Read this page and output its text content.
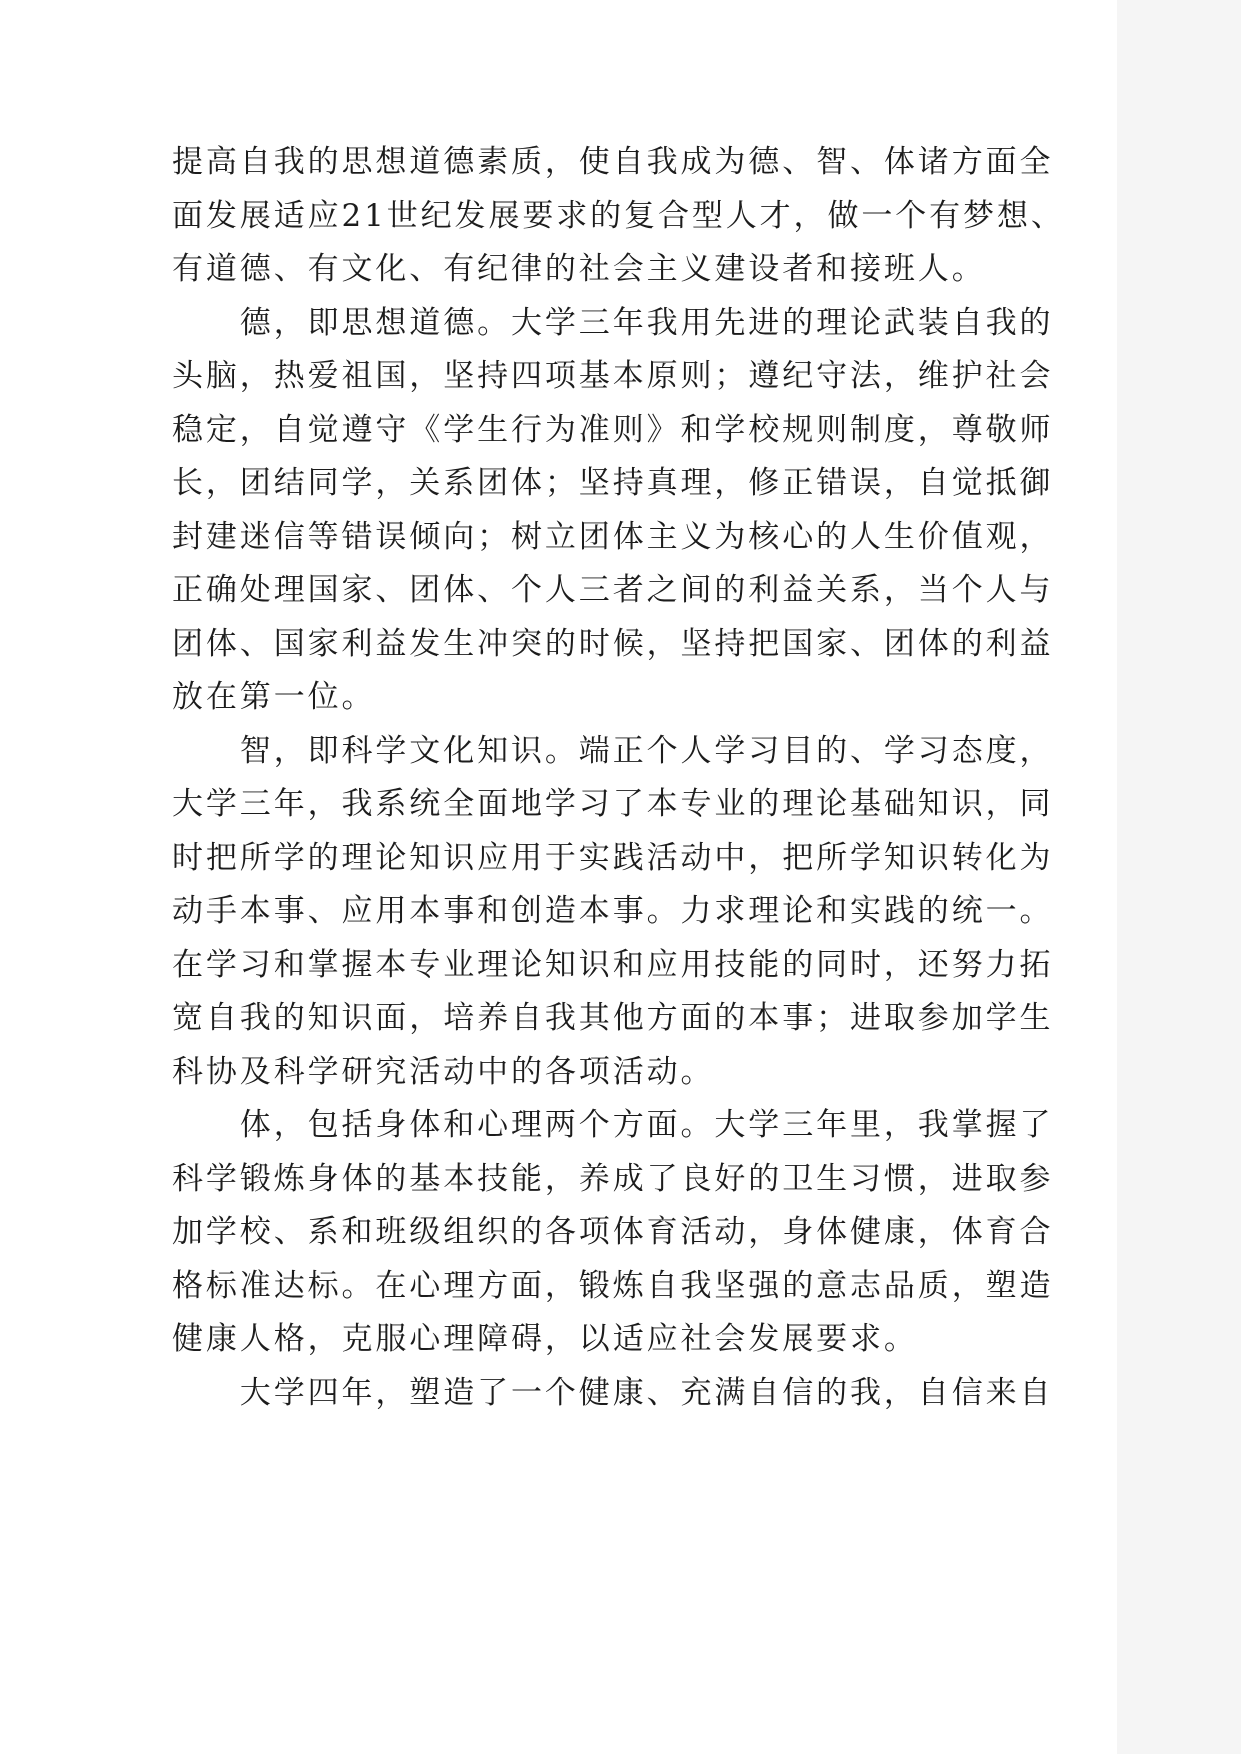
提高自我的思想道德素质，使自我成为德、智、体诸方面全
面发展适应21世纪发展要求的复合型人才，做一个有梦想、
有道德、有文化、有纪律的社会主义建设者和接班人。
　　德，即思想道德。大学三年我用先进的理论武装自我的
头脑，热爱祖国，坚持四项基本原则；遵纪守法，维护社会
稳定，自觉遵守《学生行为准则》和学校规则制度，尊敬师
长，团结同学，关系团体；坚持真理，修正错误，自觉抵御
封建迷信等错误倾向；树立团体主义为核心的人生价值观，
正确处理国家、团体、个人三者之间的利益关系，当个人与
团体、国家利益发生冲突的时候，坚持把国家、团体的利益
放在第一位。
　　智，即科学文化知识。端正个人学习目的、学习态度，
大学三年，我系统全面地学习了本专业的理论基础知识，同
时把所学的理论知识应用于实践活动中，把所学知识转化为
动手本事、应用本事和创造本事。力求理论和实践的统一。
在学习和掌握本专业理论知识和应用技能的同时，还努力拓
宽自我的知识面，培养自我其他方面的本事；进取参加学生
科协及科学研究活动中的各项活动。
　　体，包括身体和心理两个方面。大学三年里，我掌握了
科学锻炼身体的基本技能，养成了良好的卫生习惯，进取参
加学校、系和班级组织的各项体育活动，身体健康，体育合
格标准达标。在心理方面，锻炼自我坚强的意志品质，塑造
健康人格，克服心理障碍，以适应社会发展要求。
　　大学四年，塑造了一个健康、充满自信的我，自信来自
